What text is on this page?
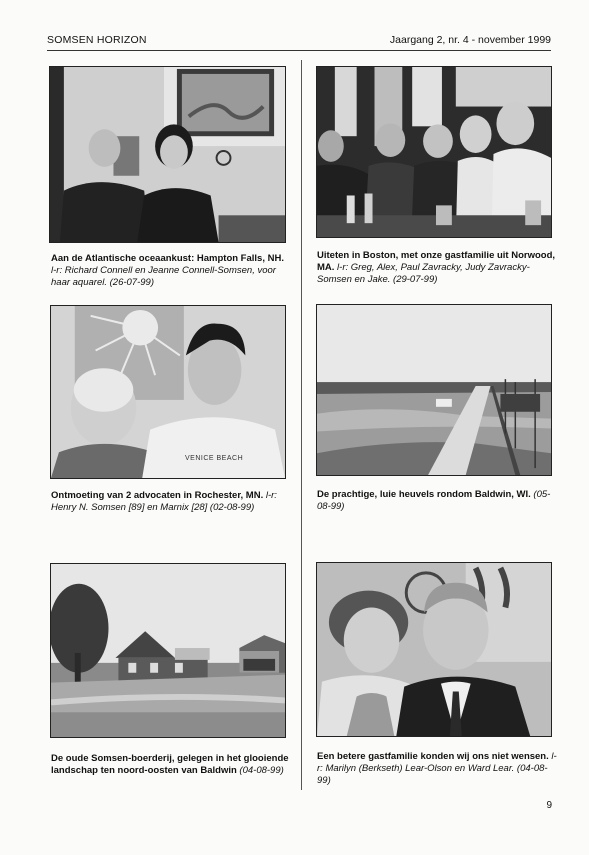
SOMSEN HORIZON	Jaargang 2, nr. 4 - november 1999
Aan de Atlantische oceaankust: Hampton Falls, NH. l-r: Richard Connell en Jeanne Connell-Somsen, voor haar aquarel. (26-07-99)
Uiteten in Boston, met onze gastfamilie uit Norwood, MA. l-r: Greg, Alex, Paul Zavracky, Judy Zavracky-Somsen en Jake. (29-07-99)
VENICE BEACH
Ontmoeting van 2 advocaten in Rochester, MN. l-r: Henry N. Somsen [89] en Marnix [28] (02-08-99)
De prachtige, luie heuvels rondom Baldwin, WI. (05-08-99)
De oude Somsen-boerderij, gelegen in het glooiende landschap ten noord-oosten van Baldwin (04-08-99)
Een betere gastfamilie konden wij ons niet wensen. l-r: Marilyn (Berkseth) Lear-Olson en Ward Lear. (04-08-99)
9
